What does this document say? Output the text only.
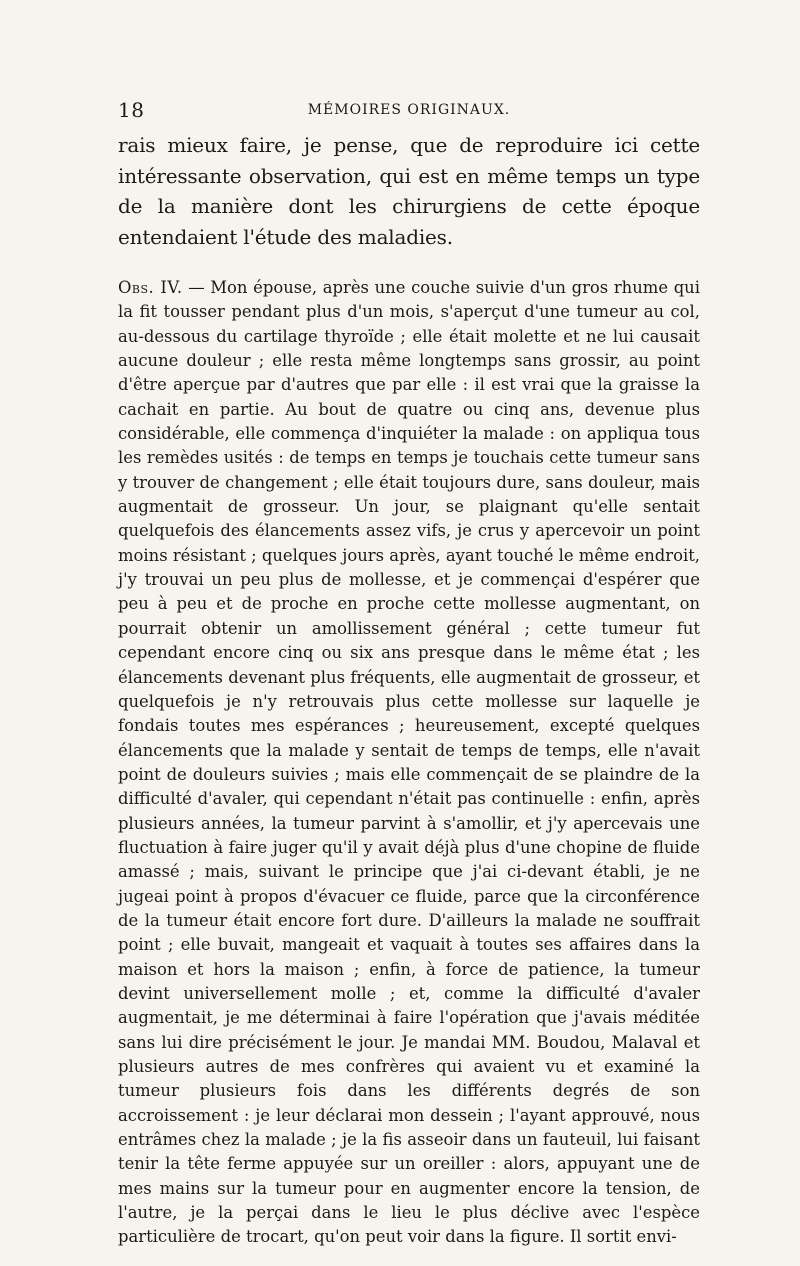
18	MÉMOIRES ORIGINAUX.

rais mieux faire, je pense, que de reproduire ici cette intéressante observation, qui est en même temps un type de la manière dont les chirurgiens de cette époque entendaient l'étude des maladies.

Obs. IV. — Mon épouse, après une couche suivie d'un gros rhume qui la fit tousser pendant plus d'un mois, s'aperçut d'une tumeur au col, au-dessous du cartilage thyroïde ; elle était molette et ne lui causait aucune douleur ; elle resta même longtemps sans grossir, au point d'être aperçue par d'autres que par elle : il est vrai que la graisse la cachait en partie. Au bout de quatre ou cinq ans, devenue plus considérable, elle commença d'inquiéter la malade : on appliqua tous les remèdes usités : de temps en temps je touchais cette tumeur sans y trouver de changement ; elle était toujours dure, sans douleur, mais augmentait de grosseur. Un jour, se plaignant qu'elle sentait quelquefois des élancements assez vifs, je crus y apercevoir un point moins résistant ; quelques jours après, ayant touché le même endroit, j'y trouvai un peu plus de mollesse, et je commençai d'espérer que peu à peu et de proche en proche cette mollesse augmentant, on pourrait obtenir un amollissement général ; cette tumeur fut cependant encore cinq ou six ans presque dans le même état ; les élancements devenant plus fréquents, elle augmentait de grosseur, et quelquefois je n'y retrouvais plus cette mollesse sur laquelle je fondais toutes mes espérances ; heureusement, excepté quelques élancements que la malade y sentait de temps de temps, elle n'avait point de douleurs suivies ; mais elle commençait de se plaindre de la difficulté d'avaler, qui cependant n'était pas continuelle : enfin, après plusieurs années, la tumeur parvint à s'amollir, et j'y apercevais une fluctuation à faire juger qu'il y avait déjà plus d'une chopine de fluide amassé ; mais, suivant le principe que j'ai ci-devant établi, je ne jugeai point à propos d'évacuer ce fluide, parce que la circonférence de la tumeur était encore fort dure. D'ailleurs la malade ne souffrait point ; elle buvait, mangeait et vaquait à toutes ses affaires dans la maison et hors la maison ; enfin, à force de patience, la tumeur devint universellement molle ; et, comme la difficulté d'avaler augmentait, je me déterminai à faire l'opération que j'avais méditée sans lui dire précisément le jour. Je mandai MM. Boudou, Malaval et plusieurs autres de mes confrères qui avaient vu et examiné la tumeur plusieurs fois dans les différents degrés de son accroissement : je leur déclarai mon dessein ; l'ayant approuvé, nous entrâmes chez la malade ; je la fis asseoir dans un fauteuil, lui faisant tenir la tête ferme appuyée sur un oreiller : alors, appuyant une de mes mains sur la tumeur pour en augmenter encore la tension, de l'autre, je la perçai dans le lieu le plus déclive avec l'espèce particulière de trocart, qu'on peut voir dans la figure. Il sortit envi-
